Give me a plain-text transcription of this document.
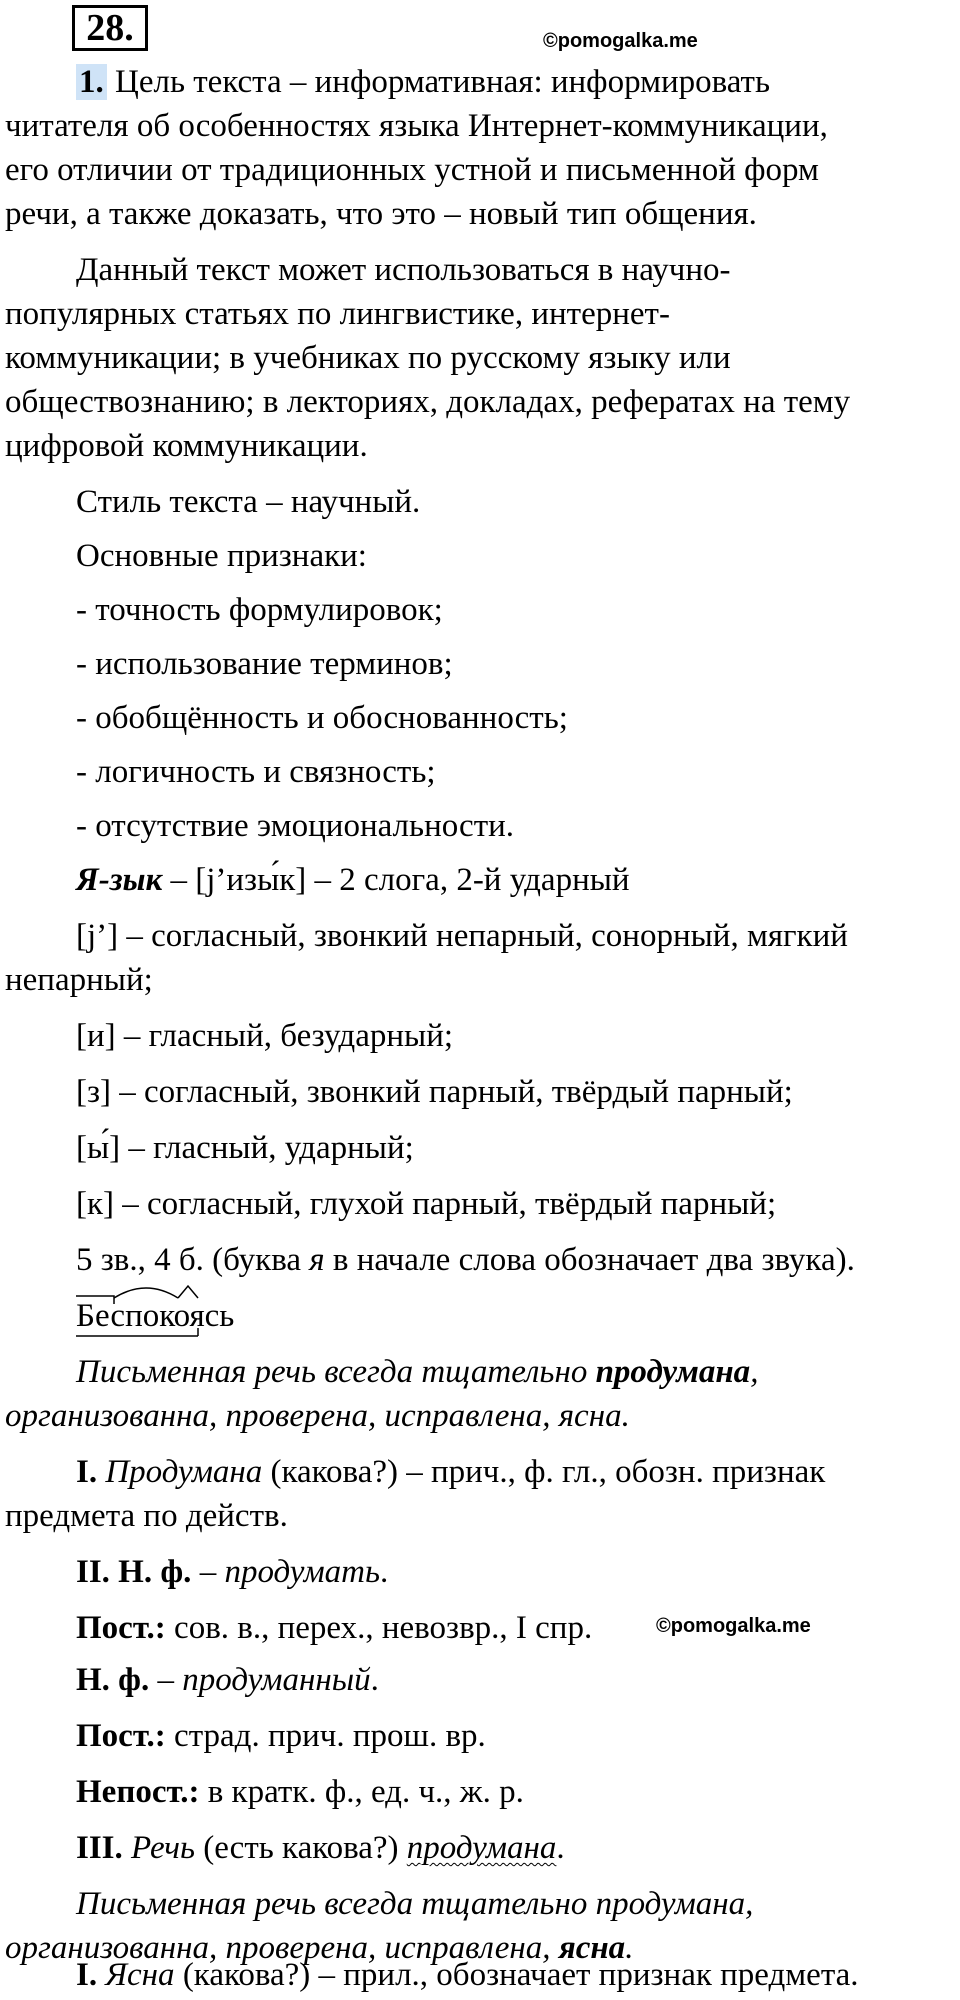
28.	©pomogalka.me
1. Цель текста – информативная: информировать
читателя об особенностях языка Интернет-коммуникации,
его отличии от традиционных устной и письменной форм
речи, а также доказать, что это – новый тип общения.
Данный текст может использоваться в научно-
популярных статьях по лингвистике, интернет-
коммуникации; в учебниках по русскому языку или
обществознанию; в лекториях, докладах, рефератах на тему
цифровой коммуникации.
Стиль текста – научный.
Основные признаки:
- точность формулировок;
- использование терминов;
- обобщённость и обоснованность;
- логичность и связность;
- отсутствие эмоциональности.
Я-зык – [j’изы́к] – 2 слога, 2-й ударный
[j’] – согласный, звонкий непарный, сонорный, мягкий
непарный;
[и] – гласный, безударный;
[з] – согласный, звонкий парный, твёрдый парный;
[ы́] – гласный, ударный;
[к] – согласный, глухой парный, твёрдый парный;
5 зв., 4 б. (буква я в начале слова обозначает два звука).
Беспокоясь
Письменная речь всегда тщательно продумана,
организованна, проверена, исправлена, ясна.
I. Продумана (какова?) – прич., ф. гл., обозн. признак
предмета по действ.
II. Н. ф. – продумать.
Пост.: сов. в., перех., невозвр., I спр.	©pomogalka.me
Н. ф. – продуманный.
Пост.: страд. прич. прош. вр.
Непост.: в кратк. ф., ед. ч., ж. р.
III. Речь (есть какова?) продумана.
Письменная речь всегда тщательно продумана,
организованна, проверена, исправлена, ясна.
I. Ясна (какова?) – прил., обозначает признак предмета.
